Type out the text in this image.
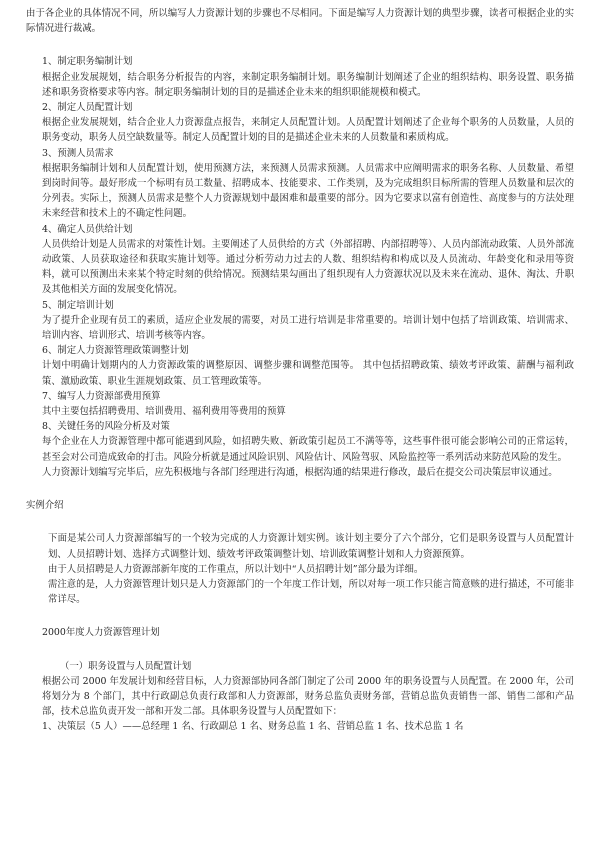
由于各企业的具体情况不同，所以编写人力资源计划的步骤也不尽相同。下面是编写人力资源计划的典型步骤，读者可根据企业的实际情况进行裁减。

1、制定职务编制计划

根据企业发展规划，结合职务分析报告的内容，来制定职务编制计划。职务编制计划阐述了企业的组织结构、职务设置、职务描述和职务资格要求等内容。制定职务编制计划的目的是描述企业未来的组织职能规模和模式。

2、制定人员配置计划

根据企业发展规划，结合企业人力资源盘点报告，来制定人员配置计划。人员配置计划阐述了企业每个职务的人员数量，人员的职务变动，职务人员空缺数量等。制定人员配置计划的目的是描述企业未来的人员数量和素质构成。

3、预测人员需求

根据职务编制计划和人员配置计划，使用预测方法，来预测人员需求预测。人员需求中应阐明需求的职务名称、人员数量、希望到岗时间等。最好形成一个标明有员工数量、招聘成本、技能要求、工作类别，及为完成组织目标所需的管理人员数量和层次的分列表。实际上，预测人员需求是整个人力资源规划中最困难和最重要的部分。因为它要求以富有创造性、高度参与的方法处理未来经营和技术上的不确定性问题。

4、确定人员供给计划

人员供给计划是人员需求的对策性计划。主要阐述了人员供给的方式（外部招聘、内部招聘等）、人员内部流动政策、人员外部流动政策、人员获取途径和获取实施计划等。通过分析劳动力过去的人数、组织结构和构成以及人员流动、年龄变化和录用等资料，就可以预测出未来某个特定时刻的供给情况。预测结果勾画出了组织现有人力资源状况以及未来在流动、退休、淘汰、升职及其他相关方面的发展变化情况。

5、制定培训计划

为了提升企业现有员工的素质，适应企业发展的需要，对员工进行培训是非常重要的。培训计划中包括了培训政策、培训需求、培训内容、培训形式、培训考核等内容。

6、制定人力资源管理政策调整计划

计划中明确计划期内的人力资源政策的调整原因、调整步骤和调整范围等。 其中包括招聘政策、绩效考评政策、薪酬与福利政策、激励政策、职业生涯规划政策、员工管理政策等。

7、编写人力资源部费用预算

其中主要包括招聘费用、培训费用、福利费用等费用的预算

8、关键任务的风险分析及对策

每个企业在人力资源管理中都可能遇到风险，如招聘失败、新政策引起员工不满等等，这些事件很可能会影响公司的正常运转，甚至会对公司造成致命的打击。风险分析就是通过风险识别、风险估计、风险驾驭、风险监控等一系列活动来防范风险的发生。

人力资源计划编写完毕后，应先积极地与各部门经理进行沟通，根据沟通的结果进行修改，最后在提交公司决策层审议通过。

实例介绍

下面是某公司人力资源部编写的一个较为完成的人力资源计划实例。该计划主要分了六个部分，它们是职务设置与人员配置计划、人员招聘计划、选择方式调整计划、绩效考评政策调整计划、培训政策调整计划和人力资源预算。

由于人员招聘是人力资源部新年度的工作重点，所以计划中“人员招聘计划”部分最为详细。

需注意的是，人力资源管理计划只是人力资源部门的一个年度工作计划，所以对每一项工作只能言简意赅的进行描述，不可能非常详尽。

2000年度人力资源管理计划

（一）职务设置与人员配置计划

根据公司 2000 年发展计划和经营目标，人力资源部协同各部门制定了公司 2000 年的职务设置与人员配置。在 2000 年，公司将划分为 8 个部门，其中行政副总负责行政部和人力资源部，财务总监负责财务部，营销总监负责销售一部、销售二部和产品部，技术总监负责开发一部和开发二部。具体职务设置与人员配置如下：

1、决策层（5 人）——总经理 1 名、行政副总 1 名、财务总监 1 名、营销总监 1 名、技术总监 1 名
